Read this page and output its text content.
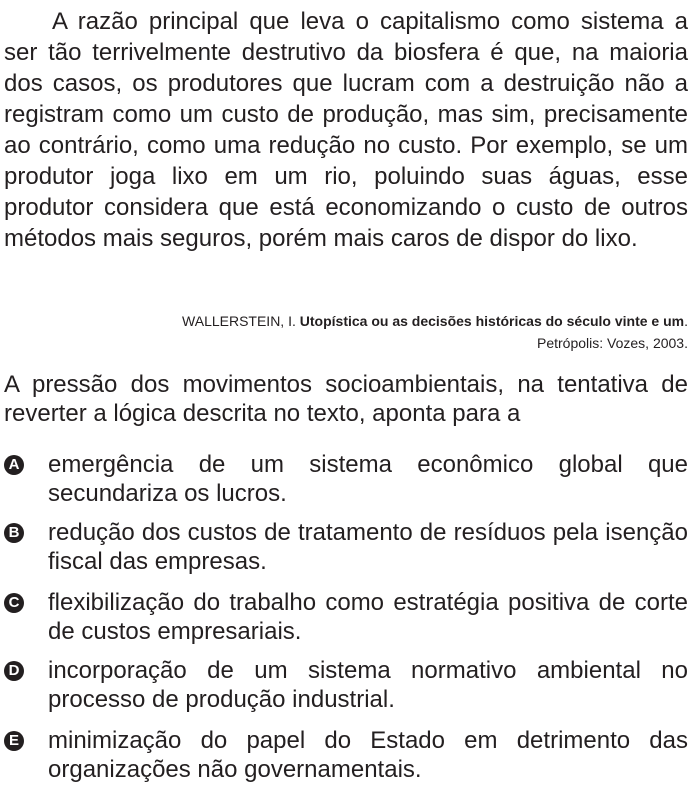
A razão principal que leva o capitalismo como sistema a ser tão terrivelmente destrutivo da biosfera é que, na maioria dos casos, os produtores que lucram com a destruição não a registram como um custo de produção, mas sim, precisamente ao contrário, como uma redução no custo. Por exemplo, se um produtor joga lixo em um rio, poluindo suas águas, esse produtor considera que está economizando o custo de outros métodos mais seguros, porém mais caros de dispor do lixo.

WALLERSTEIN, I. Utopística ou as decisões históricas do século vinte e um.
Petrópolis: Vozes, 2003.

A pressão dos movimentos socioambientais, na tentativa de reverter a lógica descrita no texto, aponta para a

A emergência de um sistema econômico global que secundariza os lucros.

B redução dos custos de tratamento de resíduos pela isenção fiscal das empresas.

C flexibilização do trabalho como estratégia positiva de corte de custos empresariais.

D incorporação de um sistema normativo ambiental no processo de produção industrial.

E minimização do papel do Estado em detrimento das organizações não governamentais.
